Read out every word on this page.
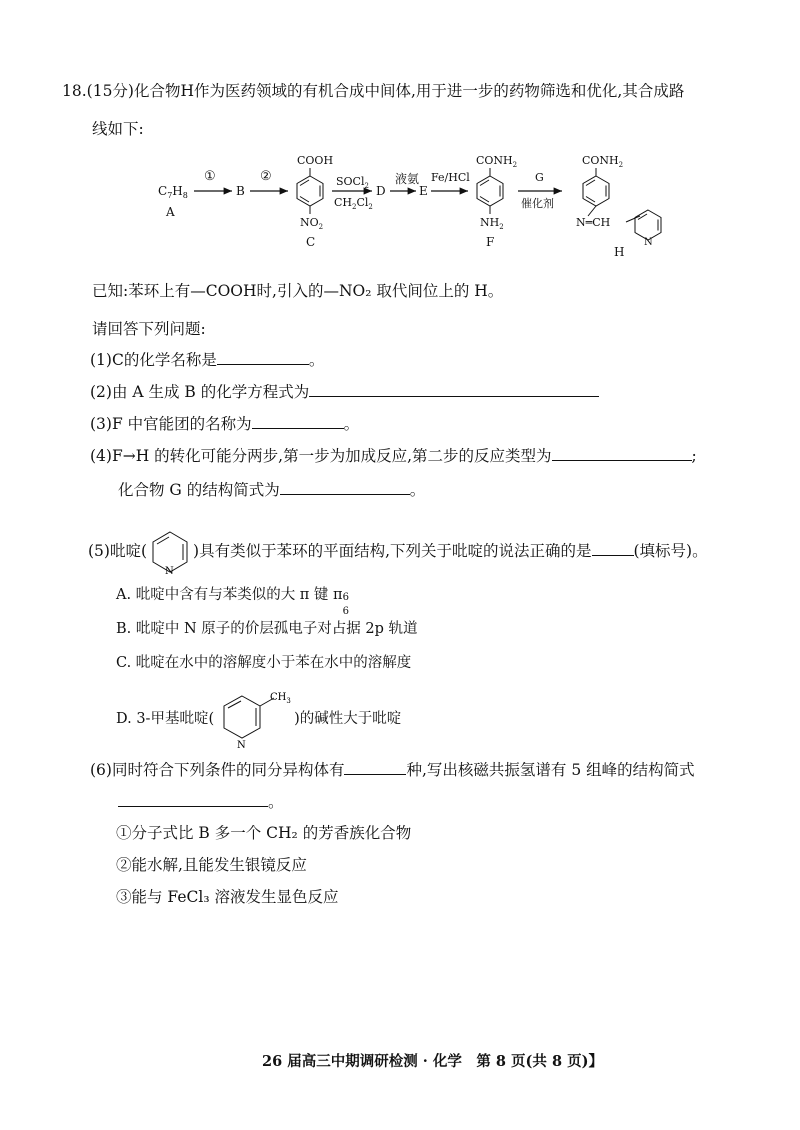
18.(15分)化合物H作为医药领域的有机合成中间体,用于进一步的药物筛选和优化,其合成路
线如下:
$C_7H_8$
A
①
B
②
COOH
$NO_2$
C
SOCl$_2$
$CH_2Cl_2$
D
液氨
E
Fe/HCl
$CONH_2$
$NH_2$
F
G
催化剂
$CONH_2$
N═CH
N
H
已知:苯环上有—COOH时,引入的—NO₂ 取代间位上的 H。
请回答下列问题:
(1)C的化学名称是	。
(2)由 A 生成 B 的化学方程式为
(3)F 中官能团的名称为	。
(4)F→H 的转化可能分两步,第一步为加成反应,第二步的反应类型为	;
化合物 G 的结构简式为	。
(5)吡啶(
N
)具有类似于苯环的平面结构,下列关于吡啶的说法正确的是	(填标号)。
A. 吡啶中含有与苯类似的大 π 键 π 6
6
B. 吡啶中 N 原子的价层孤电子对占据 2p 轨道
C. 吡啶在水中的溶解度小于苯在水中的溶解度
D. 3-甲基吡啶(
$CH_3$
N
)的碱性大于吡啶
(6)同时符合下列条件的同分异构体有	种,写出核磁共振氢谱有 5 组峰的结构简式
。
①分子式比 B 多一个 CH₂ 的芳香族化合物
②能水解,且能发生银镜反应
③能与 FeCl₃ 溶液发生显色反应
26 届高三中期调研检测 · 化学　第 8 页(共 8 页)】
